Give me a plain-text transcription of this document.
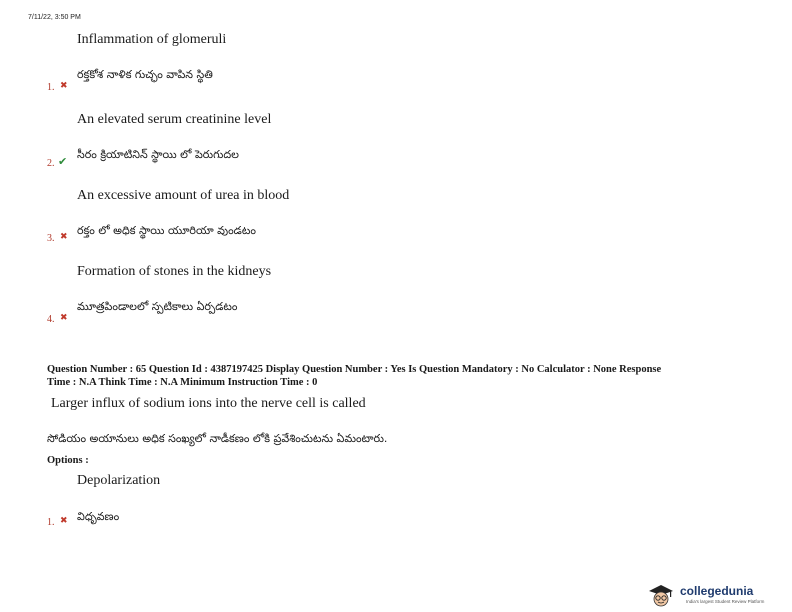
7/11/22, 3:50 PM
Inflammation of glomeruli
రక్తకోశ నాళిక గుచ్ఛం వాపిన స్థితి
1. ✖
An elevated serum creatinine level
సీరం క్రియాటినిన్ స్థాయి లో పెరుగుదల
2. ✔
An excessive amount of urea in blood
రక్తం లో అధిక స్థాయి యూరియా వుండటం
3. ✖
Formation of stones in the kidneys
మూత్రపిండాలలో స్పటికాలు ఏర్పడటం
4. ✖
Question Number : 65 Question Id : 4387197425 Display Question Number : Yes Is Question Mandatory : No Calculator : None Response
Time : N.A Think Time : N.A Minimum Instruction Time : 0
Larger influx of sodium ions into the nerve cell is called
సోడియం అయానులు అధిక సంఖ్యలో నాడీకణం లోకి ప్రవేశించుటను ఏమంటారు.
Options :
Depolarization
విధృవణం
1. ✖
collegedunia
India's largest Student Review Platform
